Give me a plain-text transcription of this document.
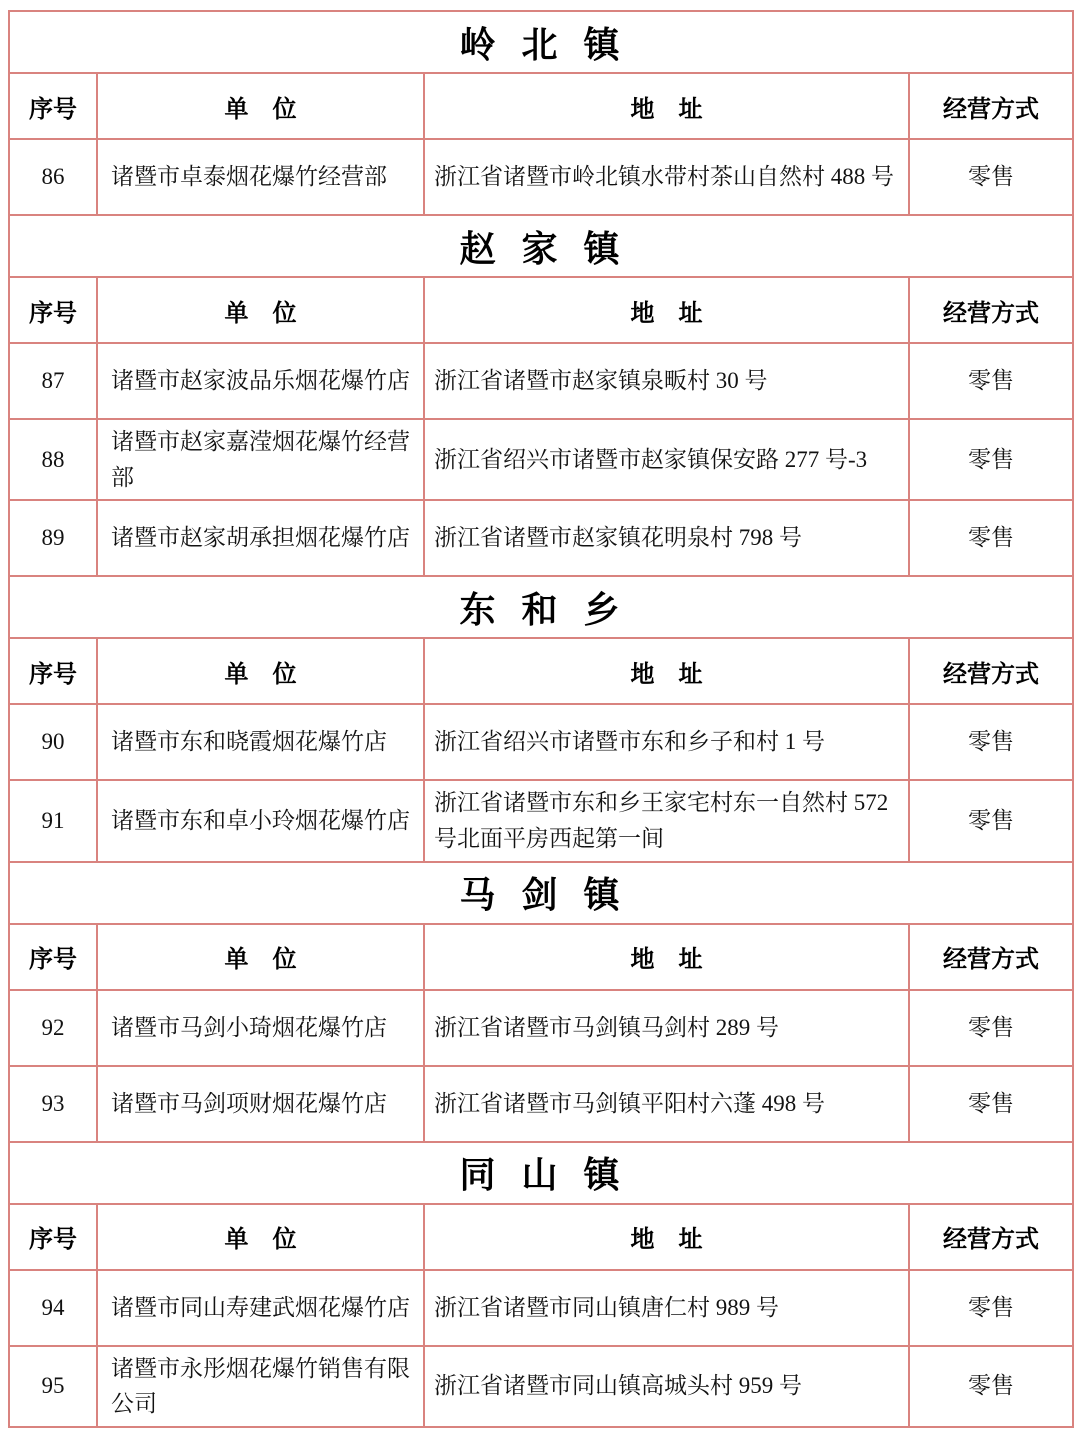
岭 北 镇			
序号	单　位	地　址	经营方式
86	诸暨市卓泰烟花爆竹经营部	浙江省诸暨市岭北镇水带村茶山自然村 488 号	零售
赵 家 镇			
序号	单　位	地　址	经营方式
87	诸暨市赵家波品乐烟花爆竹店	浙江省诸暨市赵家镇泉畈村 30 号	零售
88	诸暨市赵家嘉滢烟花爆竹经营部	浙江省绍兴市诸暨市赵家镇保安路 277 号-3	零售
89	诸暨市赵家胡承担烟花爆竹店	浙江省诸暨市赵家镇花明泉村 798 号	零售
东 和 乡			
序号	单　位	地　址	经营方式
90	诸暨市东和晓霞烟花爆竹店	浙江省绍兴市诸暨市东和乡子和村 1 号	零售
91	诸暨市东和卓小玲烟花爆竹店	浙江省诸暨市东和乡王家宅村东一自然村 572 号北面平房西起第一间	零售
马 剑 镇			
序号	单　位	地　址	经营方式
92	诸暨市马剑小琦烟花爆竹店	浙江省诸暨市马剑镇马剑村 289 号	零售
93	诸暨市马剑项财烟花爆竹店	浙江省诸暨市马剑镇平阳村六蓬 498 号	零售
同 山 镇			
序号	单　位	地　址	经营方式
94	诸暨市同山寿建武烟花爆竹店	浙江省诸暨市同山镇唐仁村 989 号	零售
95	诸暨市永彤烟花爆竹销售有限公司	浙江省诸暨市同山镇高城头村 959 号	零售
